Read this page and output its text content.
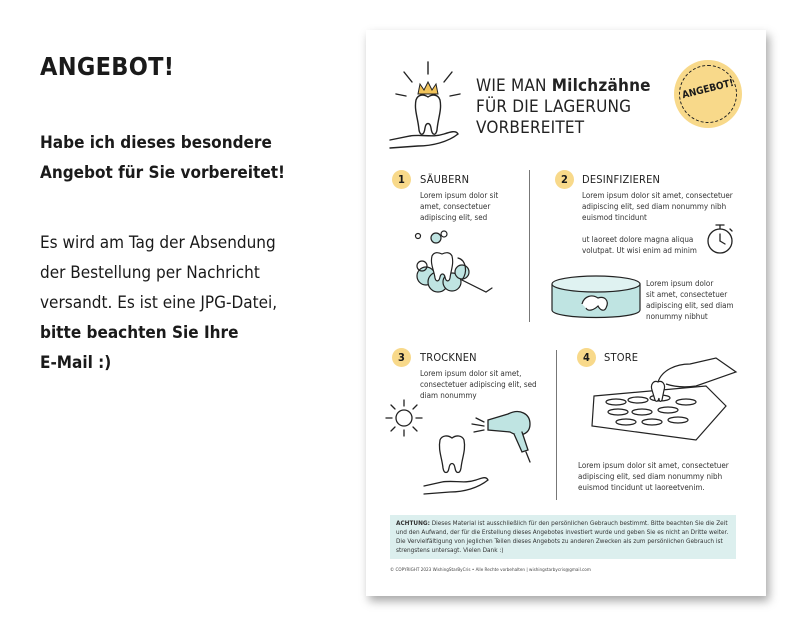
ANGEBOT!
Habe ich dieses besondere
Angebot für Sie vorbereitet!
Es wird am Tag der Absendung
der Bestellung per Nachricht
versandt. Es ist eine JPG-Datei,
bitte beachten Sie Ihre
E-Mail :)
WIE MAN Milchzähne
FÜR DIE LAGERUNG
VORBEREITET
ANGEBOT!
1	SÄUBERN
Lorem ipsum dolor sit
amet, consectetuer
adipiscing elit, sed
2	DESINFIZIEREN
Lorem ipsum dolor sit amet, consectetuer
adipiscing elit, sed diam nonummy nibh
euismod tincidunt
ut laoreet dolore magna aliqua
volutpat. Ut wisi enim ad minim
Lorem ipsum dolor
sit amet, consectetuer
adipiscing elit, sed diam
nonummy nibhut
3	TROCKNEN
Lorem ipsum dolor sit amet,
consectetuer adipiscing elit, sed
diam nonummy
4	STORE
Lorem ipsum dolor sit amet, consectetuer
adipiscing elit, sed diam nonummy nibh
euismod tincidunt ut laoreetvenim.
ACHTUNG: Dieses Material ist ausschließlich für den persönlichen Gebrauch bestimmt. Bitte beachten Sie die Zeit und den Aufwand, der für die Erstellung dieses Angebotes investiert wurde und geben Sie es nicht an Dritte weiter. Die Vervielfältigung von jeglichen Teilen dieses Angebots zu anderen Zwecken als zum persönlichen Gebrauch ist strengstens untersagt. Vielen Dank :)
© COPYRIGHT 2023 WishingStarByCris • Alle Rechte vorbehalten | wishingstarbycris@gmail.com
